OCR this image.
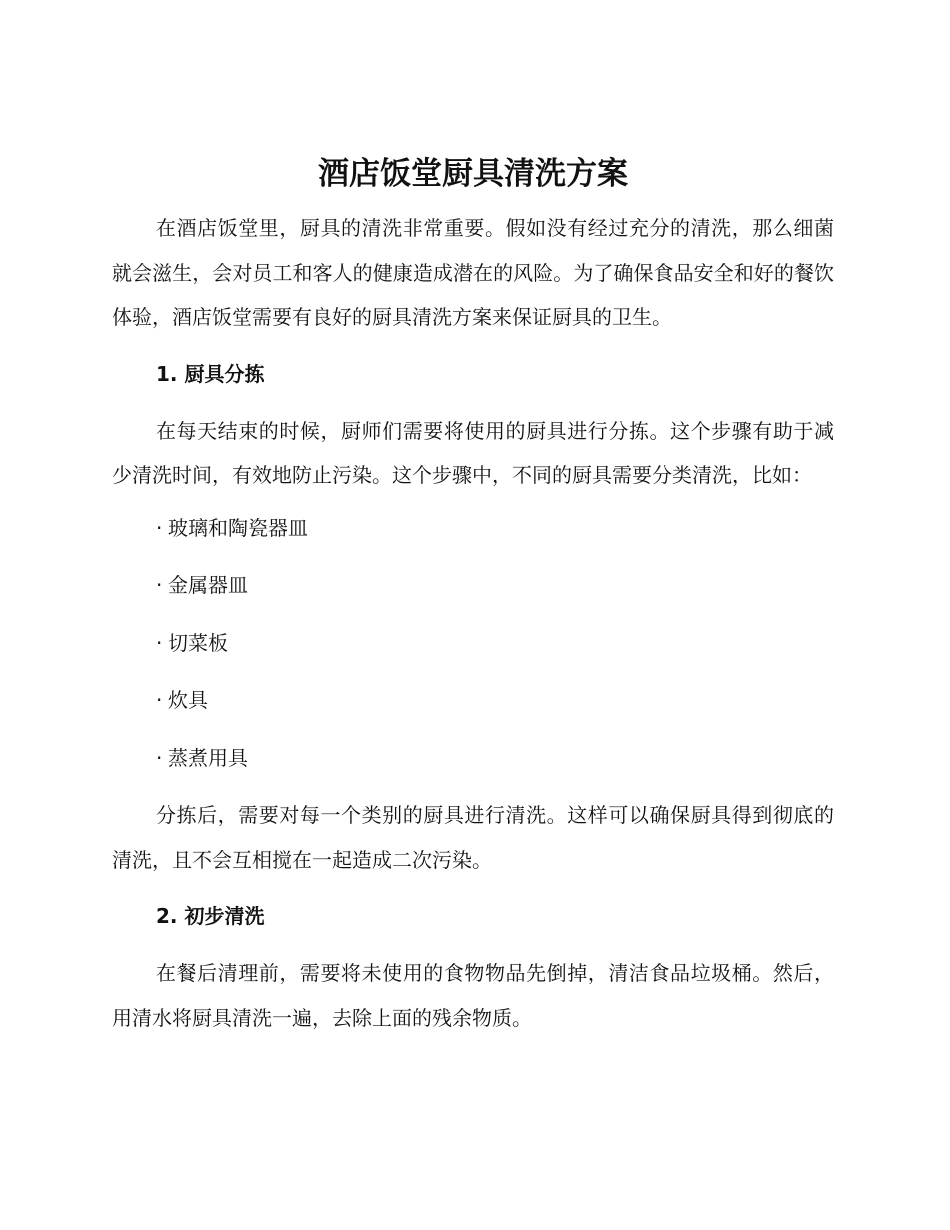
酒店饭堂厨具清洗方案

在酒店饭堂里，厨具的清洗非常重要。假如没有经过充分的清洗，那么细菌就会滋生，会对员工和客人的健康造成潜在的风险。为了确保食品安全和好的餐饮体验，酒店饭堂需要有良好的厨具清洗方案来保证厨具的卫生。

1. 厨具分拣

在每天结束的时候，厨师们需要将使用的厨具进行分拣。这个步骤有助于减少清洗时间，有效地防止污染。这个步骤中，不同的厨具需要分类清洗，比如：

· 玻璃和陶瓷器皿
· 金属器皿
· 切菜板
· 炊具
· 蒸煮用具

分拣后，需要对每一个类别的厨具进行清洗。这样可以确保厨具得到彻底的清洗，且不会互相搅在一起造成二次污染。

2. 初步清洗

在餐后清理前，需要将未使用的食物物品先倒掉，清洁食品垃圾桶。然后，用清水将厨具清洗一遍，去除上面的残余物质。
